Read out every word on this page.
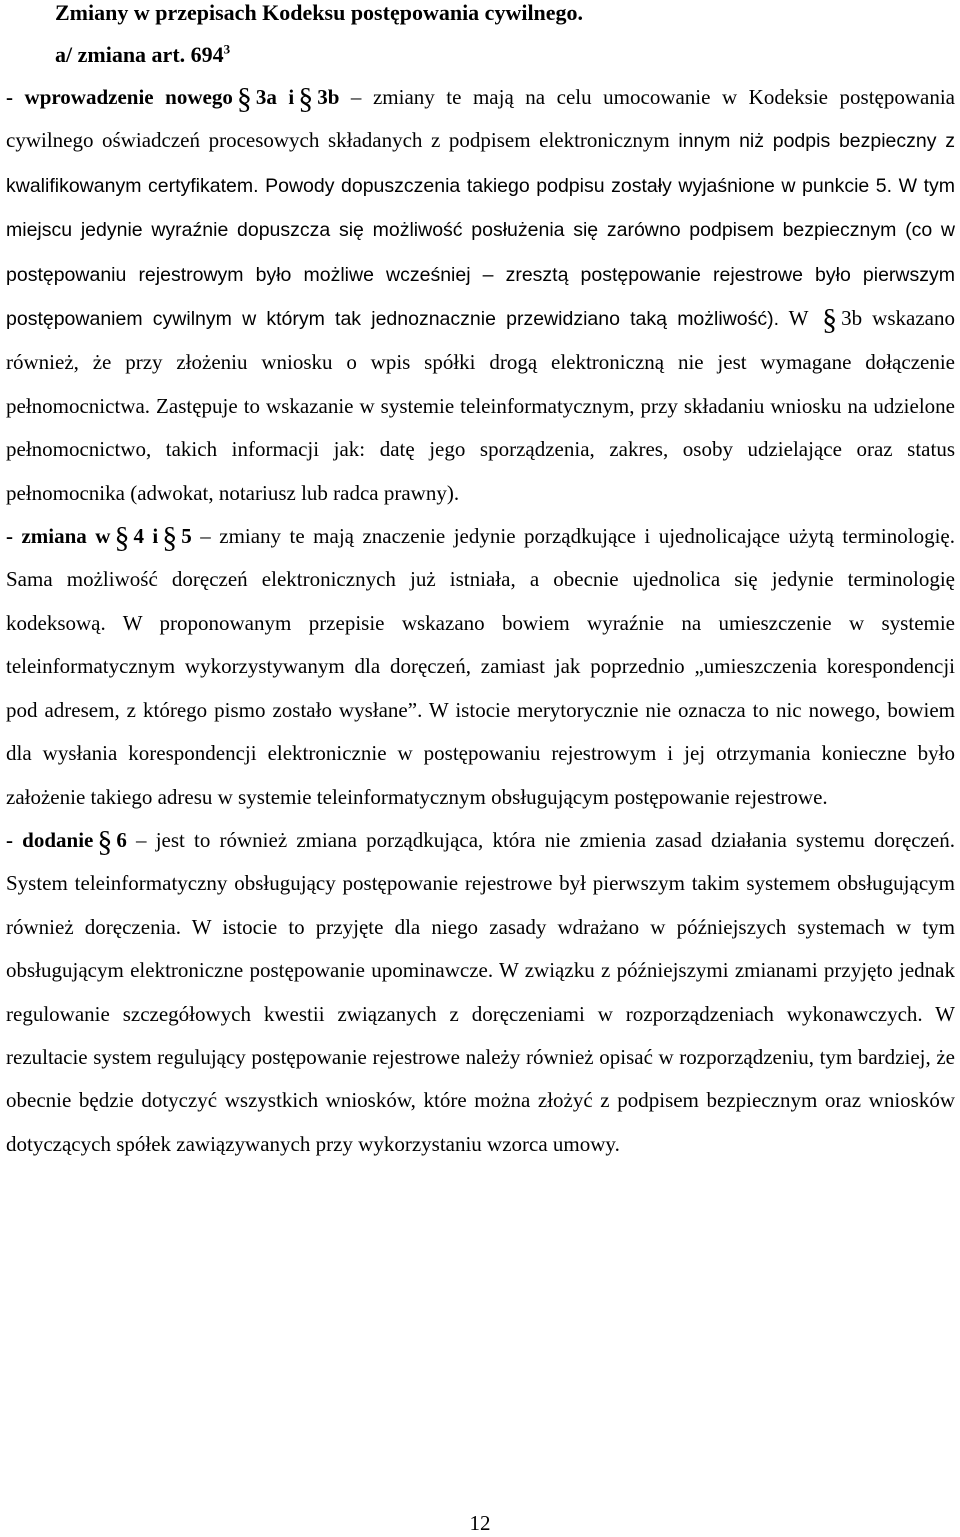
Zmiany w przepisach Kodeksu postępowania cywilnego.
a/ zmiana art. $694^3$

- wprowadzenie nowego § 3a i § 3b – zmiany te mają na celu umocowanie w Kodeksie postępowania cywilnego oświadczeń procesowych składanych z podpisem elektronicznym innym niż podpis bezpieczny z kwalifikowanym certyfikatem. Powody dopuszczenia takiego podpisu zostały wyjaśnione w punkcie 5. W tym miejscu jedynie wyraźnie dopuszcza się możliwość posłużenia się zarówno podpisem bezpiecznym (co w postępowaniu rejestrowym było możliwe wcześniej – zresztą postępowanie rejestrowe było pierwszym postępowaniem cywilnym w którym tak jednoznacznie przewidziano taką możliwość). W § 3b wskazano również, że przy złożeniu wniosku o wpis spółki drogą elektroniczną nie jest wymagane dołączenie pełnomocnictwa. Zastępuje to wskazanie w systemie teleinformatycznym, przy składaniu wniosku na udzielone pełnomocnictwo, takich informacji jak: datę jego sporządzenia, zakres, osoby udzielające oraz status pełnomocnika (adwokat, notariusz lub radca prawny).

- zmiana w § 4 i § 5 – zmiany te mają znaczenie jedynie porządkujące i ujednolicające użytą terminologię. Sama możliwość doręczeń elektronicznych już istniała, a obecnie ujednolica się jedynie terminologię kodeksową. W proponowanym przepisie wskazano bowiem wyraźnie na umieszczenie w systemie teleinformatycznym wykorzystywanym dla doręczeń, zamiast jak poprzednio „umieszczenia korespondencji pod adresem, z którego pismo zostało wysłane”. W istocie merytorycznie nie oznacza to nic nowego, bowiem dla wysłania korespondencji elektronicznie w postępowaniu rejestrowym i jej otrzymania konieczne było założenie takiego adresu w systemie teleinformatycznym obsługującym postępowanie rejestrowe.

- dodanie § 6 – jest to również zmiana porządkująca, która nie zmienia zasad działania systemu doręczeń. System teleinformatyczny obsługujący postępowanie rejestrowe był pierwszym takim systemem obsługującym również doręczenia. W istocie to przyjęte dla niego zasady wdrażano w późniejszych systemach w tym obsługującym elektroniczne postępowanie upominawcze. W związku z późniejszymi zmianami przyjęto jednak regulowanie szczegółowych kwestii związanych z doręczeniami w rozporządzeniach wykonawczych. W rezultacie system regulujący postępowanie rejestrowe należy również opisać w rozporządzeniu, tym bardziej, że obecnie będzie dotyczyć wszystkich wniosków, które można złożyć z podpisem bezpiecznym oraz wniosków dotyczących spółek zawiązywanych przy wykorzystaniu wzorca umowy.

12
